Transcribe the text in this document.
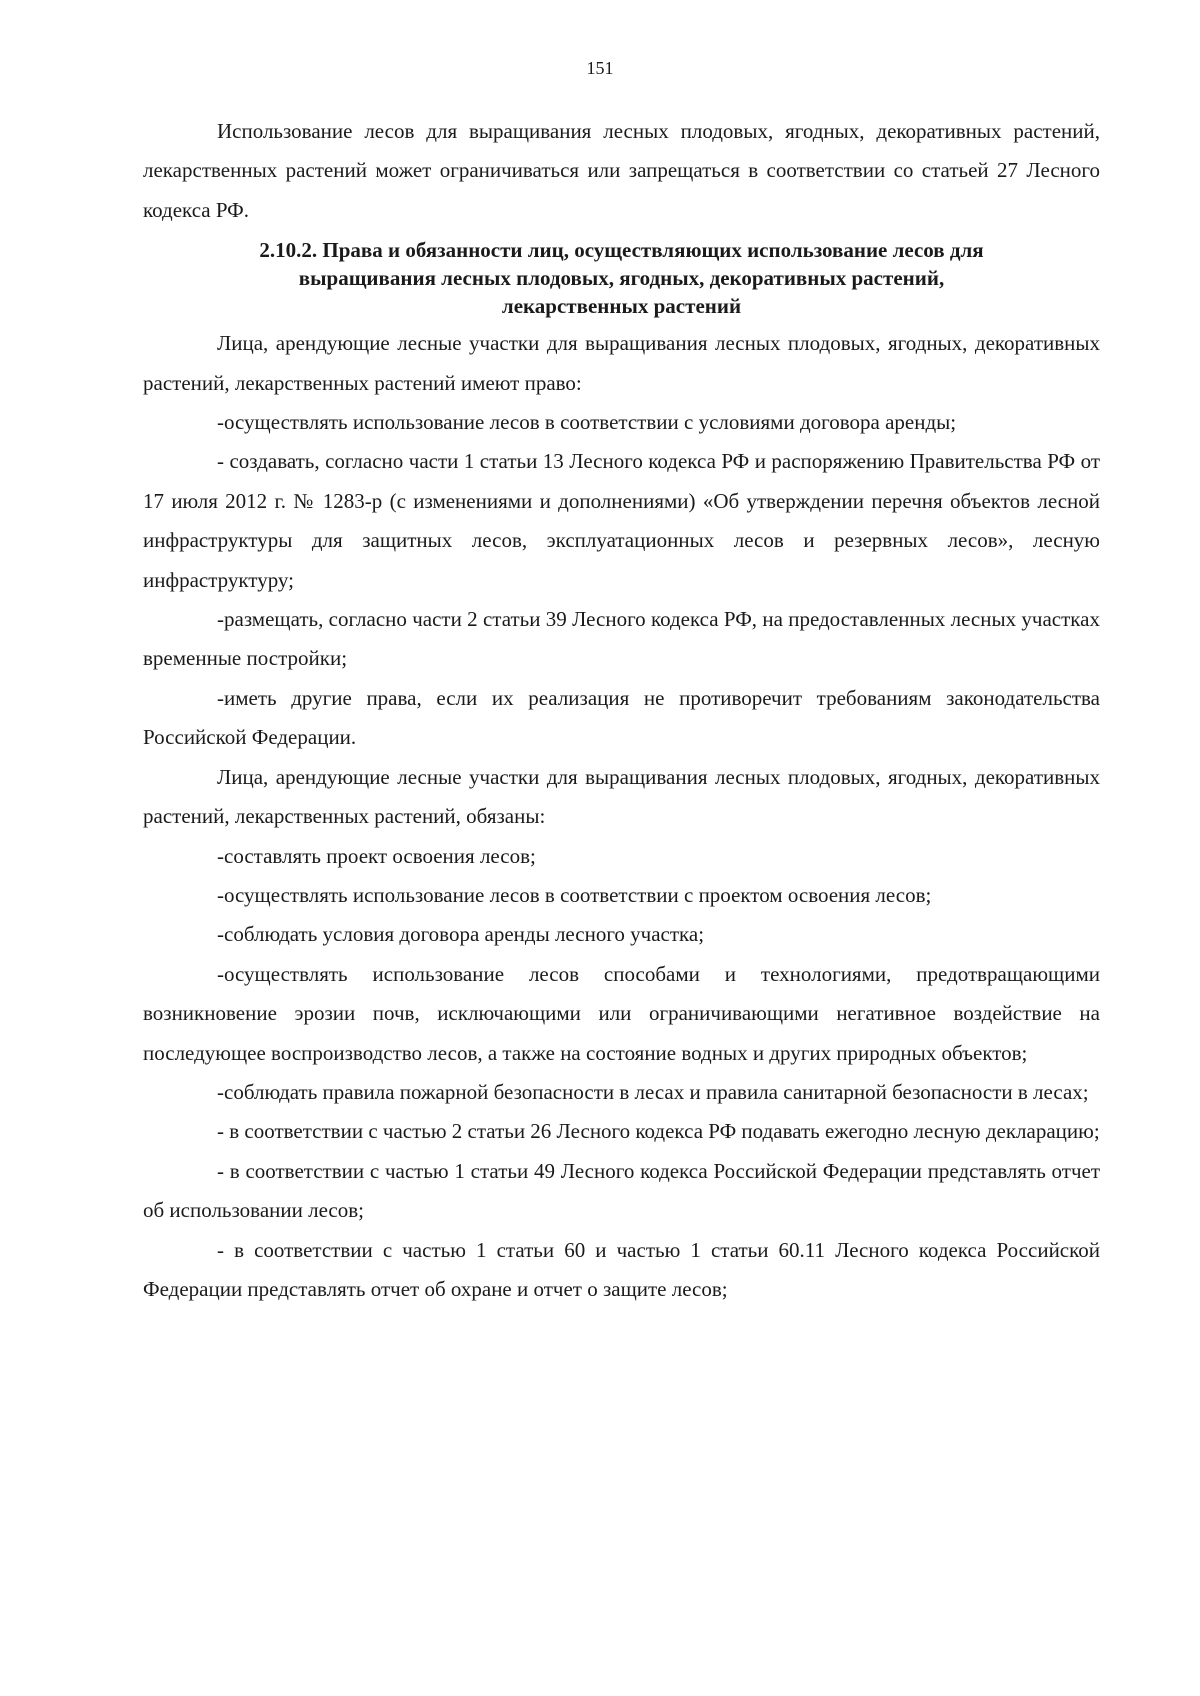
151

Использование лесов для выращивания лесных плодовых, ягодных, декоративных растений, лекарственных растений может ограничиваться или запрещаться в соответствии со статьей 27 Лесного кодекса РФ.

2.10.2. Права и обязанности лиц, осуществляющих использование лесов для выращивания лесных плодовых, ягодных, декоративных растений, лекарственных растений

Лица, арендующие лесные участки для выращивания лесных плодовых, ягодных, декоративных растений, лекарственных растений имеют право:

-осуществлять использование лесов в соответствии с условиями договора аренды;

- создавать, согласно части 1 статьи 13 Лесного кодекса РФ и распоряжению Правительства РФ от 17 июля 2012 г. № 1283-р (с изменениями и дополнениями) «Об утверждении перечня объектов лесной инфраструктуры для защитных лесов, эксплуатационных лесов и резервных лесов», лесную инфраструктуру;

-размещать, согласно части 2 статьи 39 Лесного кодекса РФ, на предоставленных лесных участках временные постройки;

-иметь другие права, если их реализация не противоречит требованиям законодательства Российской Федерации.

Лица, арендующие лесные участки для выращивания лесных плодовых, ягодных, декоративных растений, лекарственных растений, обязаны:

-составлять проект освоения лесов;

-осуществлять использование лесов в соответствии с проектом освоения лесов;

-соблюдать условия договора аренды лесного участка;

-осуществлять использование лесов способами и технологиями, предотвращающими возникновение эрозии почв, исключающими или ограничивающими негативное воздействие на последующее воспроизводство лесов, а также на состояние водных и других природных объектов;

-соблюдать правила пожарной безопасности в лесах и правила санитарной безопасности в лесах;

- в соответствии с частью 2 статьи 26 Лесного кодекса РФ подавать ежегодно лесную декларацию;

- в соответствии с частью 1 статьи 49 Лесного кодекса Российской Федерации представлять отчет об использовании лесов;

- в соответствии с частью 1 статьи 60 и частью 1 статьи 60.11 Лесного кодекса Российской Федерации представлять отчет об охране и отчет о защите лесов;
